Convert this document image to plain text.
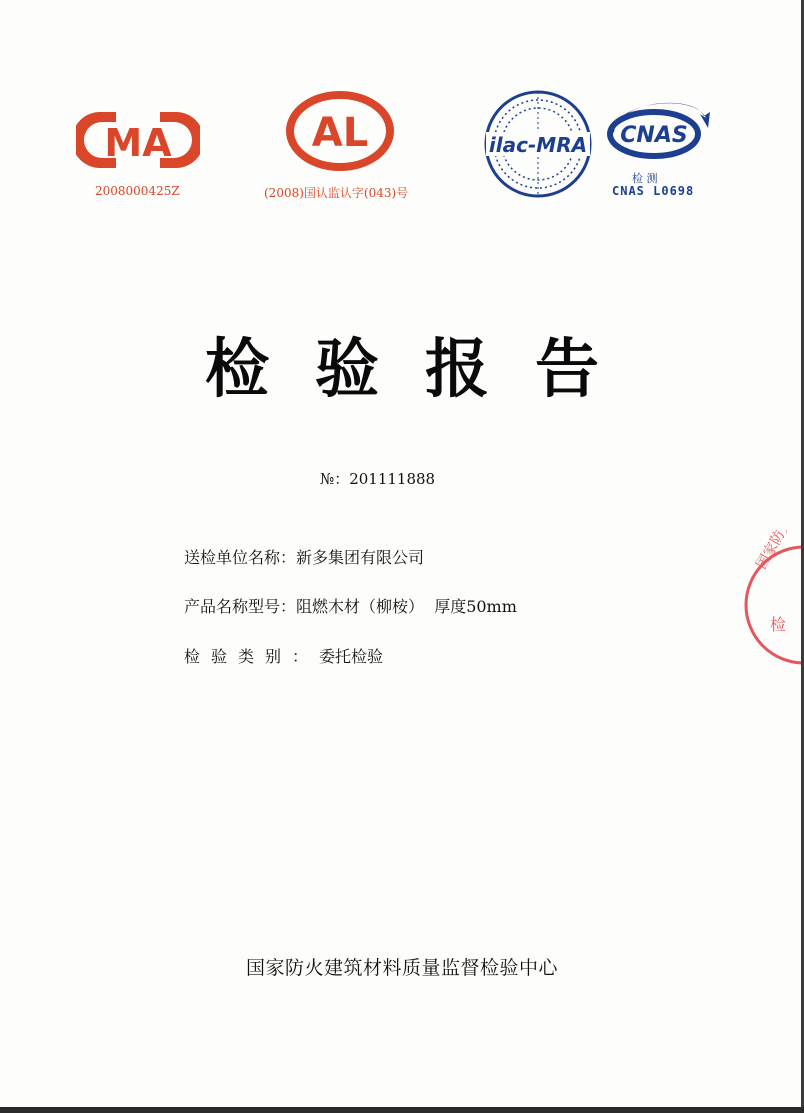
MA
2008000425Z
AL
(2008)国认监认字(043)号
ilac-MRA CNAS
检 测
CNAS L0698
检验报告
№：201111888
送检单位名称：新多集团有限公司
产品名称型号：阻燃木材（柳桉）  厚度50mm
检验类别：委托检验
国家防火建筑材料质量监督检验中心
国家防火
检
